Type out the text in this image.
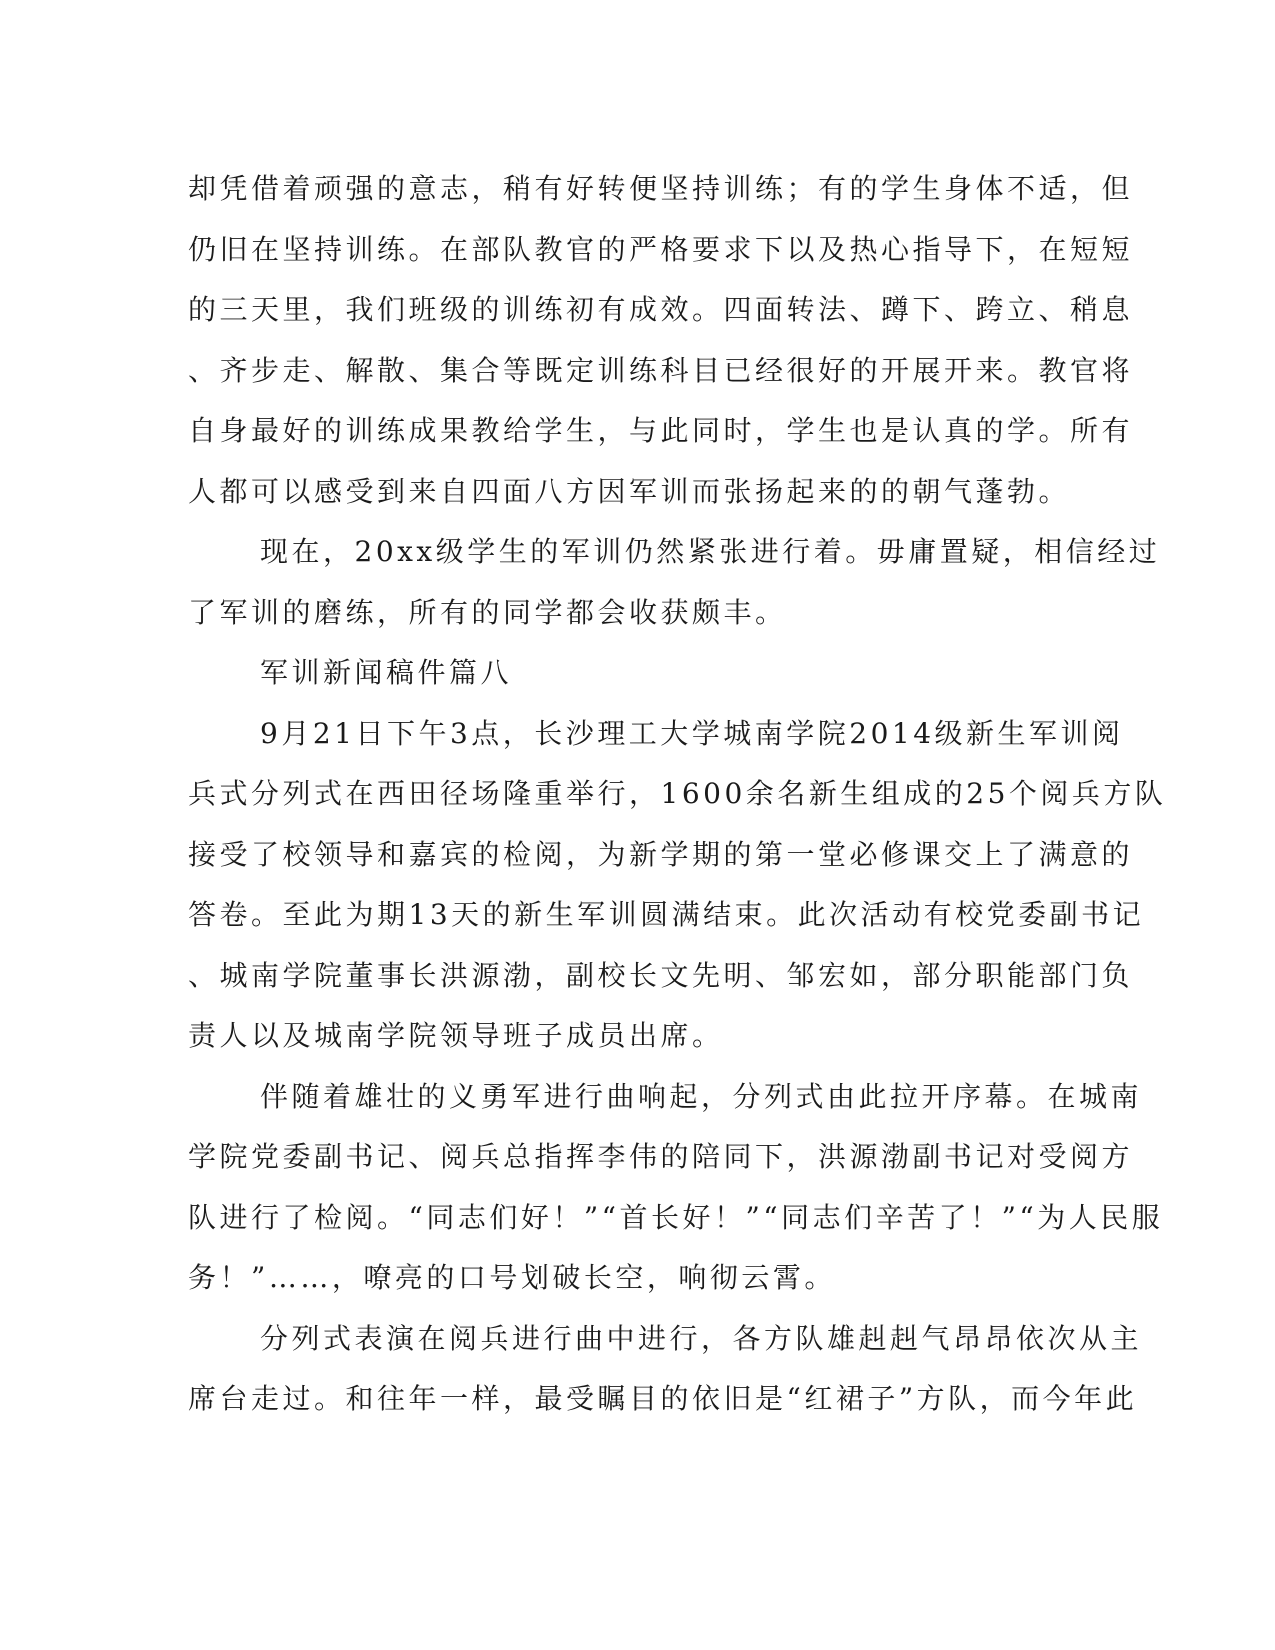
却凭借着顽强的意志，稍有好转便坚持训练；有的学生身体不适，但
仍旧在坚持训练。在部队教官的严格要求下以及热心指导下，在短短
的三天里，我们班级的训练初有成效。四面转法、蹲下、跨立、稍息
、齐步走、解散、集合等既定训练科目已经很好的开展开来。教官将
自身最好的训练成果教给学生，与此同时，学生也是认真的学。所有
人都可以感受到来自四面八方因军训而张扬起来的的朝气蓬勃。
现在，20xx级学生的军训仍然紧张进行着。毋庸置疑，相信经过
了军训的磨练，所有的同学都会收获颇丰。
军训新闻稿件篇八
9月21日下午3点，长沙理工大学城南学院2014级新生军训阅
兵式分列式在西田径场隆重举行，1600余名新生组成的25个阅兵方队
接受了校领导和嘉宾的检阅，为新学期的第一堂必修课交上了满意的
答卷。至此为期13天的新生军训圆满结束。此次活动有校党委副书记
、城南学院董事长洪源渤，副校长文先明、邹宏如，部分职能部门负
责人以及城南学院领导班子成员出席。
伴随着雄壮的义勇军进行曲响起，分列式由此拉开序幕。在城南
学院党委副书记、阅兵总指挥李伟的陪同下，洪源渤副书记对受阅方
队进行了检阅。“同志们好！”“首长好！”“同志们辛苦了！”“为人民服
务！”……，嘹亮的口号划破长空，响彻云霄。
分列式表演在阅兵进行曲中进行，各方队雄赳赳气昂昂依次从主
席台走过。和往年一样，最受瞩目的依旧是“红裙子”方队，而今年此
